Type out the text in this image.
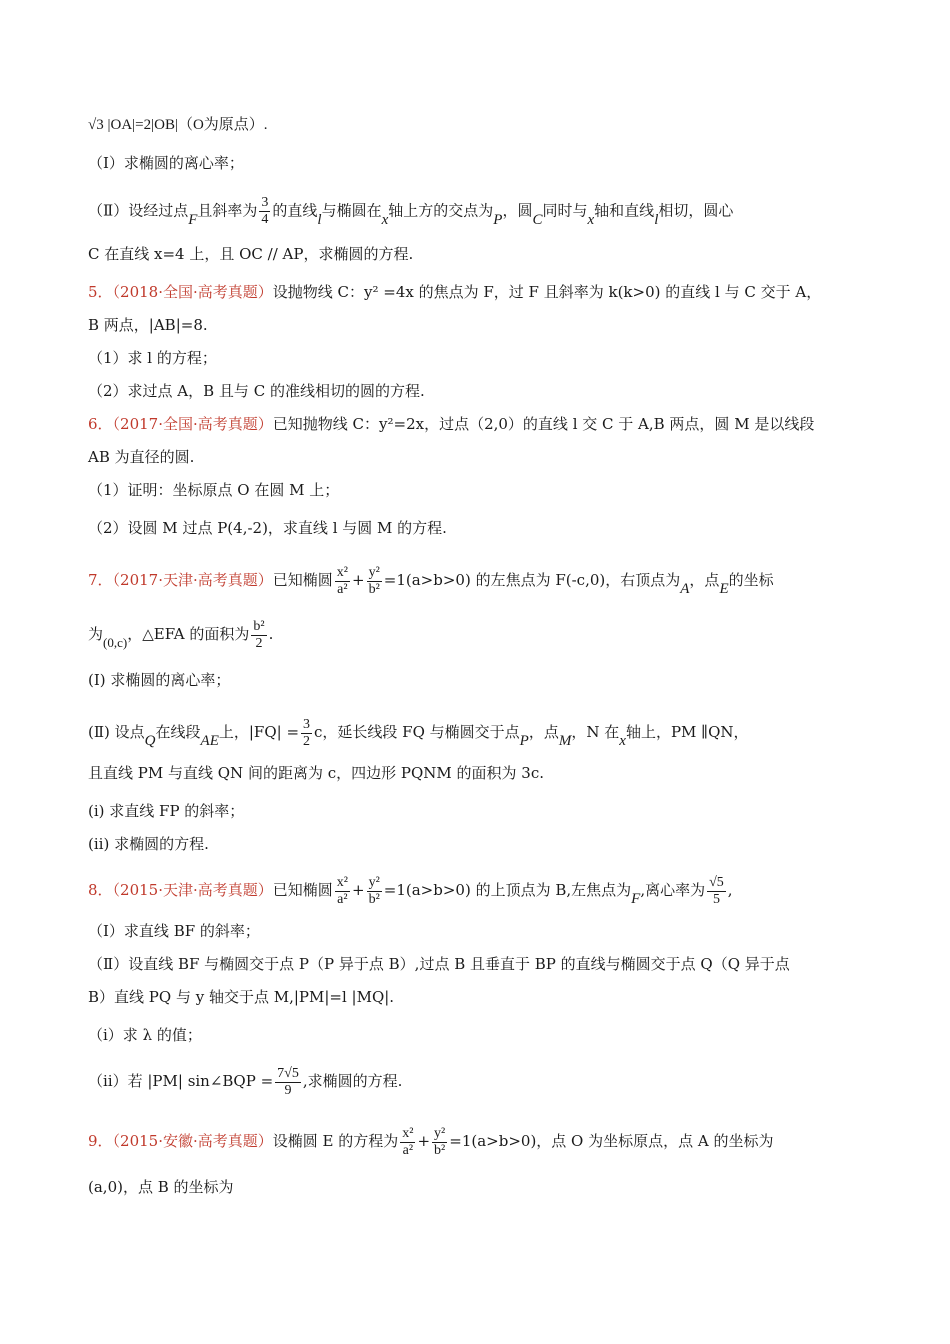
√3 |OA|=2|OB|（O为原点）.
（Ⅰ）求椭圆的离心率；
（Ⅱ）设经过点F且斜率为 $\frac{3}{4}$ 的直线l与椭圆在x轴上方的交点为P，圆C同时与x轴和直线l相切，圆心
C 在直线 x=4 上，且 OC // AP，求椭圆的方程.
5．（2018·全国·高考真题）设抛物线 C：y² =4x 的焦点为 F，过 F 且斜率为 k(k>0) 的直线 l 与 C 交于 A，
B 两点，|AB|=8.
（1）求 l 的方程；
（2）求过点 A，B 且与 C 的准线相切的圆的方程.
6．（2017·全国·高考真题）已知抛物线 C：y²=2x，过点（2,0）的直线 l 交 C 于 A,B 两点，圆 M 是以线段
AB 为直径的圆.
（1）证明：坐标原点 O 在圆 M 上；
（2）设圆 M 过点 P(4,-2)，求直线 l 与圆 M 的方程.
7．（2017·天津·高考真题）已知椭圆 $\frac{\text{x²}}{\text{a²}} + \frac{\text{y²}}{\text{b²}} =1(a>b>0)$ 的左焦点为 F(-c,0)，右顶点为A，点E的坐标
为(0,c)，△EFA 的面积为 $\frac{\text{b²}}{2}$ .
(Ⅰ) 求椭圆的离心率；
(Ⅱ) 设点Q在线段AE上，$|FQ| = \frac{3}{2}$ c，延长线段 FQ 与椭圆交于点P，点M，N 在x轴上，PM ∥QN，
且直线 PM 与直线 QN 间的距离为 c，四边形 PQNM 的面积为 3c.
(ⅰ) 求直线 FP 的斜率；
(ⅱ) 求椭圆的方程.
8．（2015·天津·高考真题）已知椭圆 $\frac{\text{x²}}{\text{a²}} + \frac{\text{y²}}{\text{b²}} =1(a>b>0)$ 的上顶点为 B,左焦点为F,离心率为 $\frac{√5}{5}$ ,
（Ⅰ）求直线 BF 的斜率；
（Ⅱ）设直线 BF 与椭圆交于点 P（P 异于点 B）,过点 B 且垂直于 BP 的直线与椭圆交于点 Q（Q 异于点
B）直线 PQ 与 y 轴交于点 M,|PM|=l |MQ|.
（ⅰ）求 λ 的值；
（ⅱ）若 |PM| sin∠BQP = $\frac{7√5}{9}$ ,求椭圆的方程.
9．（2015·安徽·高考真题）设椭圆 E 的方程为 $\frac{\text{x²}}{\text{a²}} + \frac{\text{y²}}{\text{b²}} =1(a>b>0)$，点 O 为坐标原点，点 A 的坐标为
(a,0)，点 B 的坐标为
